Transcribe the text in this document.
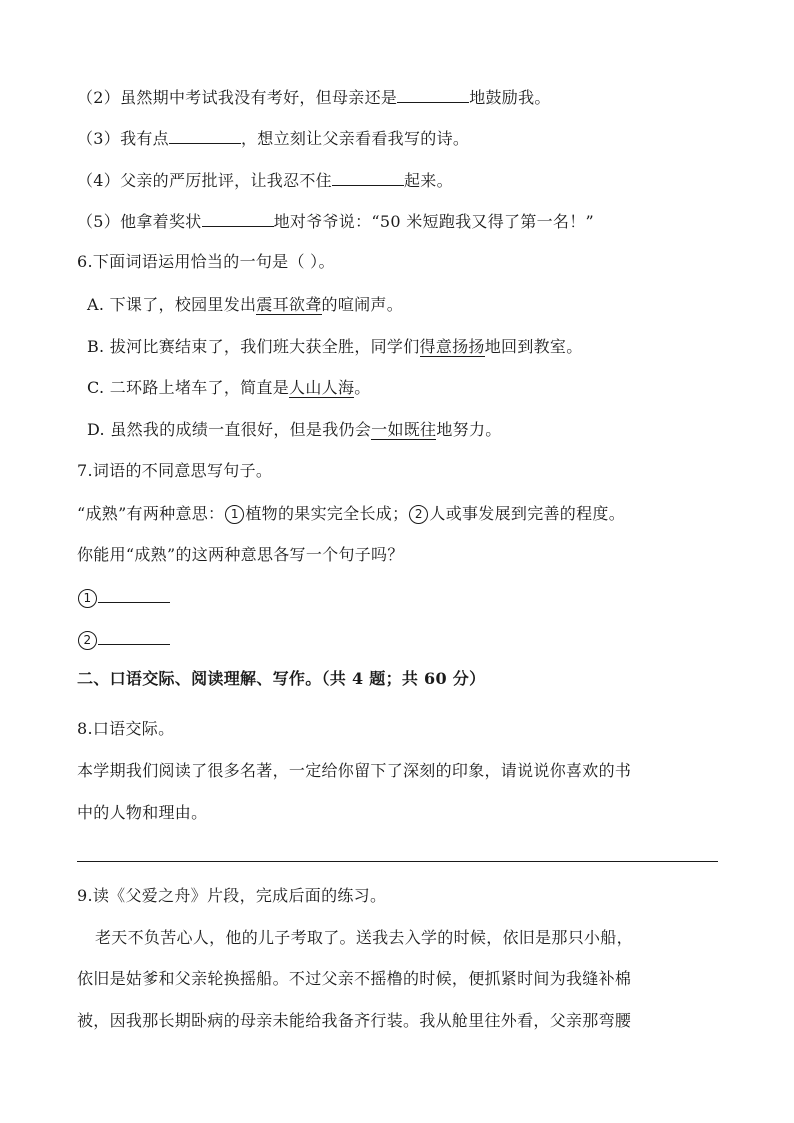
（2）虽然期中考试我没有考好，但母亲还是	地鼓励我。
（3）我有点	，想立刻让父亲看看我写的诗。
（4）父亲的严厉批评，让我忍不住	起来。
（5）他拿着奖状	地对爷爷说：“50 米短跑我又得了第一名！”
6.下面词语运用恰当的一句是（ ）。
A. 下课了，校园里发出震耳欲聋的喧闹声。
B. 拔河比赛结束了，我们班大获全胜，同学们得意扬扬地回到教室。
C. 二环路上堵车了，简直是人山人海。
D. 虽然我的成绩一直很好，但是我仍会一如既往地努力。
7.词语的不同意思写句子。
“成熟”有两种意思： 1 植物的果实完全长成； 2 人或事发展到完善的程度。
你能用“成熟”的这两种意思各写一个句子吗？
1
2
二、口语交际、阅读理解、写作。（共 4 题；共 60 分）
8.口语交际。
本学期我们阅读了很多名著，一定给你留下了深刻的印象，请说说你喜欢的书
中的人物和理由。
9.读《父爱之舟》片段，完成后面的练习。
老天不负苦心人，他的儿子考取了。送我去入学的时候，依旧是那只小船，
依旧是姑爹和父亲轮换摇船。不过父亲不摇橹的时候，便抓紧时间为我缝补棉
被，因我那长期卧病的母亲未能给我备齐行装。我从舱里往外看，父亲那弯腰
